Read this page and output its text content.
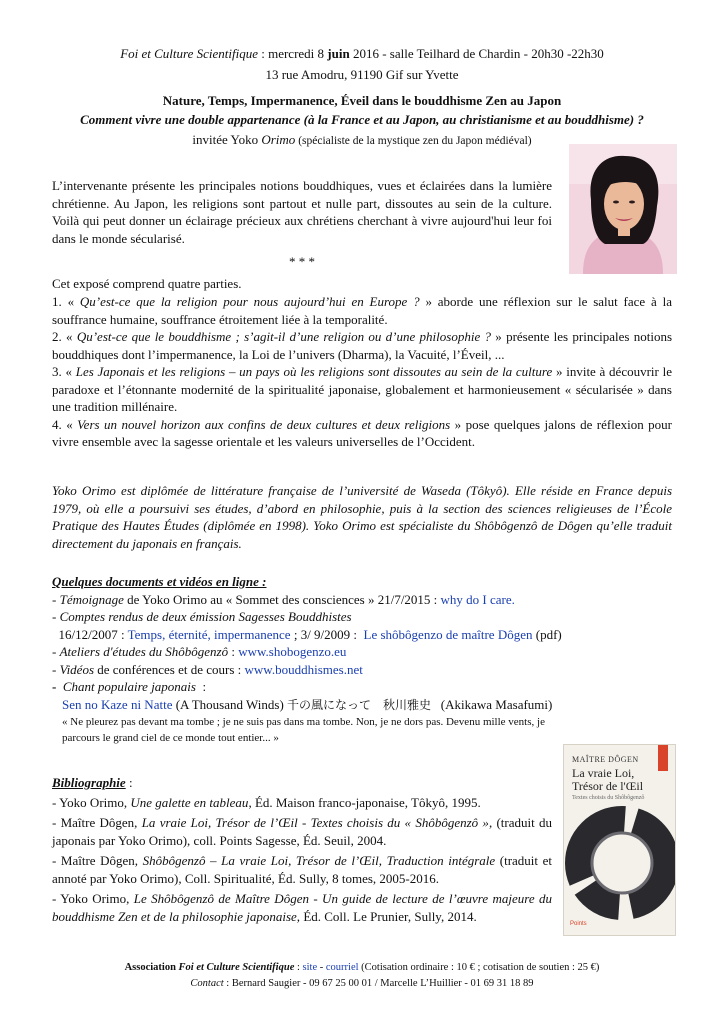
Foi et Culture Scientifique : mercredi 8 juin 2016 - salle Teilhard de Chardin - 20h30 -22h30
13 rue Amodru, 91190 Gif sur Yvette
Nature, Temps, Impermanence, Éveil dans le bouddhisme Zen au Japon
Comment vivre une double appartenance (à la France et au Japon, au christianisme et au bouddhisme) ?
invitée Yoko Orimo (spécialiste de la mystique zen du Japon médiéval)
L’intervenante présente les principales notions bouddhiques, vues et éclairées dans la lumière chrétienne. Au Japon, les religions sont partout et nulle part, dissoutes au sein de la culture. Voilà qui peut donner un éclairage précieux aux chrétiens cherchant à vivre aujourd'hui leur foi dans le monde sécularisé.
* * *
Cet exposé comprend quatre parties.
1. « Qu’est-ce que la religion pour nous aujourd’hui en Europe ? » aborde une réflexion sur le salut face à la souffrance humaine, souffrance étroitement liée à la temporalité.
2. « Qu’est-ce que le bouddhisme ; s’agit-il d’une religion ou d’une philosophie ? » présente les principales notions bouddhiques dont l’impermanence, la Loi de l’univers (Dharma), la Vacuité, l’Éveil, ...
3. « Les Japonais et les religions – un pays où les religions sont dissoutes au sein de la culture » invite à découvrir le paradoxe et l’étonnante modernité de la spiritualité japonaise, globalement et harmonieusement « sécularisée » dans une tradition millénaire.
4. « Vers un nouvel horizon aux confins de deux cultures et deux religions » pose quelques jalons de réflexion pour vivre ensemble avec la sagesse orientale et les valeurs universelles de l’Occident.
Yoko Orimo est diplômée de littérature française de l’université de Waseda (Tôkyô). Elle réside en France depuis 1979, où elle a poursuivi ses études, d’abord en philosophie, puis à la section des sciences religieuses de l’École Pratique des Hautes Études (diplômée en 1998). Yoko Orimo est spécialiste du Shôbôgenzô de Dôgen qu’elle traduit directement du japonais en français.
Quelques documents et vidéos en ligne :
- Témoignage de Yoko Orimo au « Sommet des consciences » 21/7/2015 : why do I care.
- Comptes rendus de deux émission Sagesses Bouddhistes
16/12/2007 : Temps, éternité, impermanence ; 3/ 9/2009 :  Le shôbôgenzo de maître Dôgen (pdf)
- Ateliers d'études du Shôbôgenzô : www.shobogenzo.eu
- Vidéos de conférences et de cours : www.bouddhismes.net
-  Chant populaire japonais  :
Sen no Kaze ni Natte (A Thousand Winds) 千の風になって　秋川雅史   (Akikawa Masafumi)
« Ne pleurez pas devant ma tombe ; je ne suis pas dans ma tombe. Non, je ne dors pas. Devenu mille vents, je parcours le grand ciel de ce monde tout entier... »
Bibliographie :
- Yoko Orimo, Une galette en tableau, Éd. Maison franco-japonaise, Tôkyô, 1995.
- Maître Dôgen, La vraie Loi, Trésor de l’Œil - Textes choisis du « Shôbôgenzô », (traduit du japonais par Yoko Orimo), coll. Points Sagesse, Éd. Seuil, 2004.
- Maître Dôgen, Shôbôgenzô – La vraie Loi, Trésor de l’Œil, Traduction intégrale (traduit et annoté par Yoko Orimo), Coll. Spiritualité, Éd. Sully, 8 tomes, 2005-2016.
- Yoko Orimo, Le Shôbôgenzô de Maître Dôgen - Un guide de lecture de l’œuvre majeure du bouddhisme Zen et de la philosophie japonaise, Éd. Coll. Le Prunier, Sully, 2014.
MAÎTRE DÔGEN
La vraie Loi, Trésor de l'Œil
Textes choisis du Shôbôgenzô
Points
Association Foi et Culture Scientifique : site - courriel (Cotisation ordinaire : 10 € ; cotisation de soutien : 25 €)
Contact : Bernard Saugier - 09 67 25 00 01 / Marcelle L’Huillier - 01 69 31 18 89
